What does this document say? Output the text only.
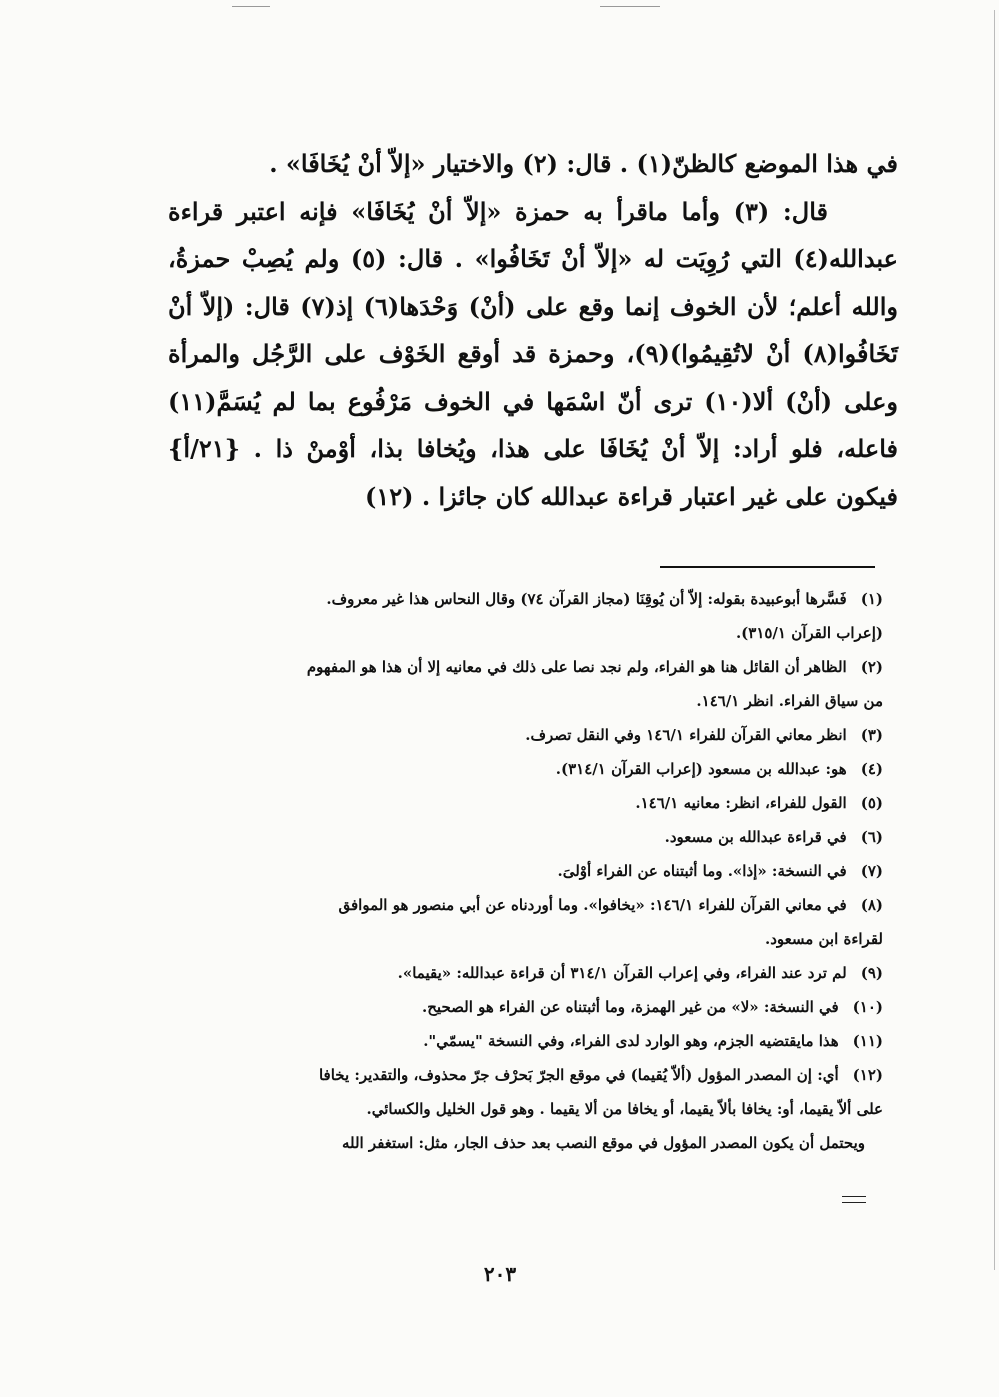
في هذا الموضع كالظنّ(١) . قال: (٢) والاختيار «إلاّ أنْ يُخَافَا» .

قال: (٣) وأما ماقرأ به حمزة «إلاّ أنْ يُخَافَا» فإنه اعتبر قراءة عبدالله(٤) التي رُوِيَت له «إلاّ أنْ تَخَافُوا» . قال: (٥) ولم يُصِبْ حمزةُ، والله أعلم؛ لأن الخوف إنما وقع على (أنْ) وَحْدَها(٦) إذ(٧) قال: (إلاّ أنْ تَخَافُوا(٨) أنْ لاتُقِيمُوا)(٩)، وحمزة قد أوقع الخَوْف على الرَّجُل والمرأة وعلى (أنْ) ألا(١٠) ترى أنّ اسْمَها في الخوف مَرْفُوع بما لم يُسَمَّ(١١) فاعله، فلو أراد: إلاّ أنْ يُخَافَا على هذا، ويُخافا بذا، أوْمنْ ذا . {٢١/أ} فيكون على غير اعتبار قراءة عبدالله كان جائزا . (١٢)

(١)فَسَّرها أبوعبيدة بقوله: إلاّ أن يُوقِنَا (مجاز القرآن ٧٤) وقال النحاس هذا غير معروف.
(إعراب القرآن ٣١٥/١).

(٢)الظاهر أن القائل هنا هو الفراء، ولم نجد نصا على ذلك في معانيه إلا أن هذا هو المفهوم
من سياق الفراء. انظر ١٤٦/١.

(٣)انظر معاني القرآن للفراء ١٤٦/١ وفي النقل تصرف.

(٤)هو: عبدالله بن مسعود (إعراب القرآن ٣١٤/١).

(٥)القول للفراء، انظر: معانيه ١٤٦/١.

(٦)في قراءة عبدالله بن مسعود.

(٧)في النسخة: «إذا». وما أثبتناه عن الفراء أوْلىَ.

(٨)في معاني القرآن للفراء ١٤٦/١: «يخافوا». وما أوردناه عن أبي منصور هو الموافق
لقراءة ابن مسعود.

(٩)لم ترد عند الفراء، وفي إعراب القرآن ٣١٤/١ أن قراءة عبدالله: «يقيما».

(١٠)في النسخة: «لا» من غير الهمزة، وما أثبتناه عن الفراء هو الصحيح.

(١١)هذا مايقتضيه الجزم، وهو الوارد لدى الفراء، وفي النسخة "يسمّي".

(١٢)أي: إن المصدر المؤول (ألاّ يُقيما) في موقع الجرّ بَحرْف جرّ محذوف، والتقدير: يخافا
على ألاّ يقيما، أو: يخافا بألاّ يقيما، أو يخافا من ألا يقيما . وهو قول الخليل والكسائي.

ويحتمل أن يكون المصدر المؤول في موقع النصب بعد حذف الجار، مثل: استغفر الله

٢٠٣
